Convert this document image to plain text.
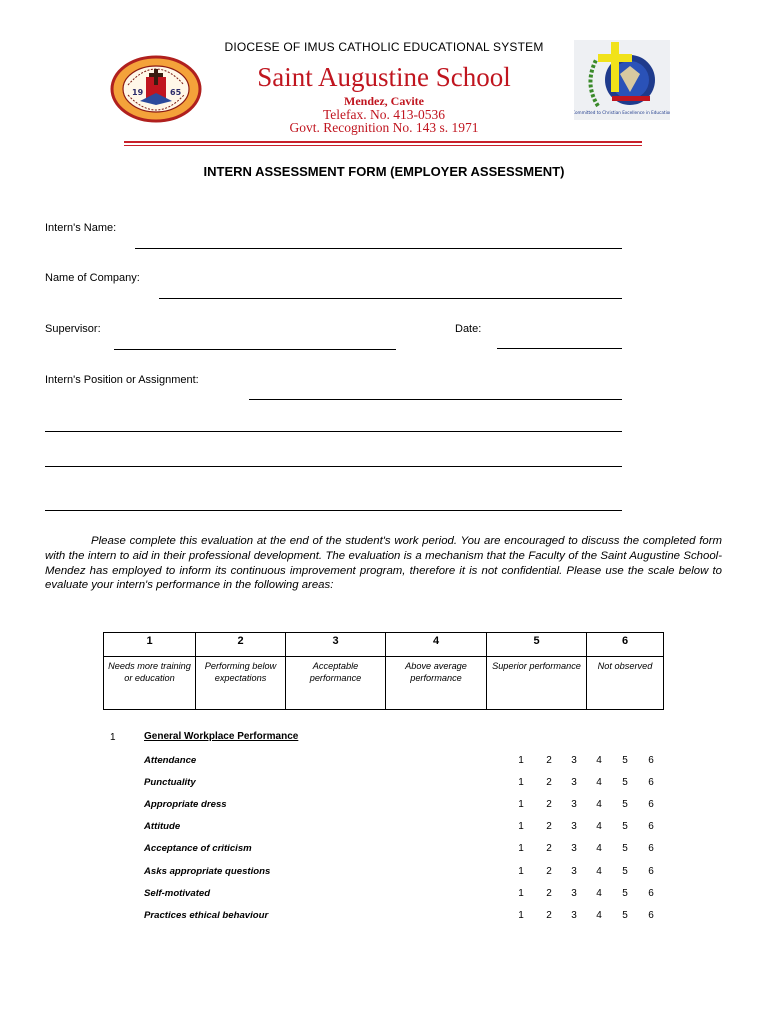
DIOCESE OF IMUS CATHOLIC EDUCATIONAL SYSTEM
Saint Augustine School
Mendez, Cavite
Telefax. No. 413-0536
Govt. Recognition No. 143 s. 1971
19	65
Committed to Christian Excellence in Education
INTERN ASSESSMENT FORM (EMPLOYER ASSESSMENT)
Intern's Name:
Name of Company:
Supervisor:	Date:
Intern's Position or Assignment:
Please complete this evaluation at the end of the student's work period. You are encouraged to discuss the completed form with the intern to aid in their professional development. The evaluation is a mechanism that the Faculty of the Saint Augustine School-Mendez has employed to inform its continuous improvement program, therefore it is not confidential. Please use the scale below to evaluate your intern's performance in the following areas:
1	2	3	4	5	6
Needs more training or education	Performing below expectations	Acceptable performance	Above average performance	Superior performance	Not observed
1	General Workplace Performance
Attendance	1 2 3 4 5 6
Punctuality	1 2 3 4 5 6
Appropriate dress	1 2 3 4 5 6
Attitude	1 2 3 4 5 6
Acceptance of criticism	1 2 3 4 5 6
Asks appropriate questions	1 2 3 4 5 6
Self-motivated	1 2 3 4 5 6
Practices ethical behaviour	1 2 3 4 5 6
